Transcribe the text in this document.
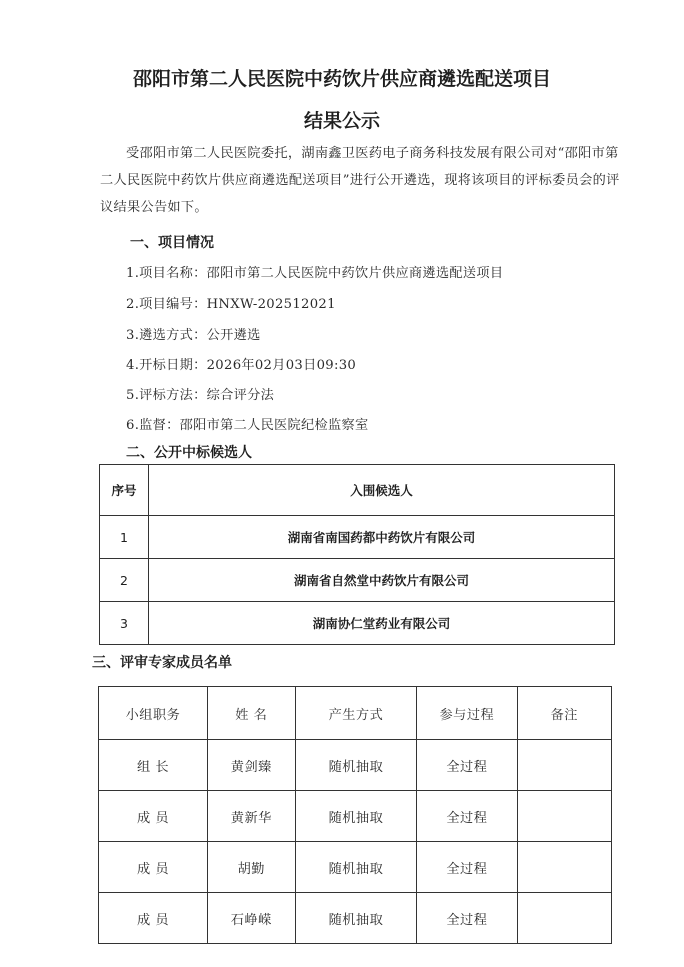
邵阳市第二人民医院中药饮片供应商遴选配送项目
结果公示
受邵阳市第二人民医院委托，湖南鑫卫医药电子商务科技发展有限公司对“邵阳市第二人民医院中药饮片供应商遴选配送项目”进行公开遴选，现将该项目的评标委员会的评议结果公告如下。
一、项目情况
1.项目名称：邵阳市第二人民医院中药饮片供应商遴选配送项目
2.项目编号：HNXW-202512021
3.遴选方式：公开遴选
4.开标日期：2026年02月03日09:30
5.评标方法：综合评分法
6.监督：邵阳市第二人民医院纪检监察室
二、公开中标候选人
序号	入围候选人
1	湖南省南国药都中药饮片有限公司
2	湖南省自然堂中药饮片有限公司
3	湖南协仁堂药业有限公司
三、评审专家成员名单
小组职务	姓 名	产生方式	参与过程	备注
组 长	黄剑臻	随机抽取	全过程	
成 员	黄新华	随机抽取	全过程	
成 员	胡勤	随机抽取	全过程	
成 员	石峥嵘	随机抽取	全过程	
